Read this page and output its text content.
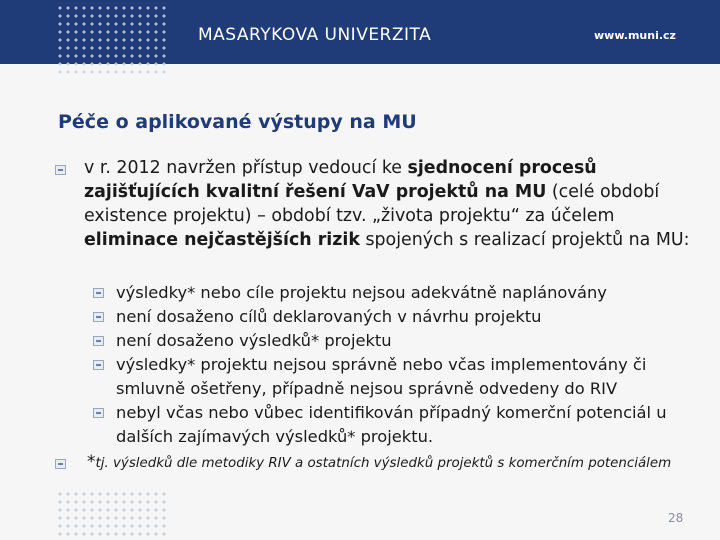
MASARYKOVA UNIVERZITA	www.muni.cz
Péče o aplikované výstupy na MU
v r. 2012 navržen přístup vedoucí ke sjednocení procesů zajišťujících kvalitní řešení VaV projektů na MU (celé období existence projektu) – období tzv. „života projektu“ za účelem eliminace nejčastějších rizik spojených s realizací projektů na MU:

výsledky* nebo cíle projektu nejsou adekvátně naplánovány

není dosaženo cílů deklarovaných v návrhu projektu

není dosaženo výsledků* projektu

výsledky* projektu nejsou správně nebo včas implementovány či smluvně ošetřeny, případně nejsou správně odvedeny do RIV

nebyl včas nebo vůbec identifikován případný komerční potenciál u dalších zajímavých výsledků* projektu.

*tj. výsledků dle metodiky RIV a ostatních výsledků projektů s komerčním potenciálem
28
